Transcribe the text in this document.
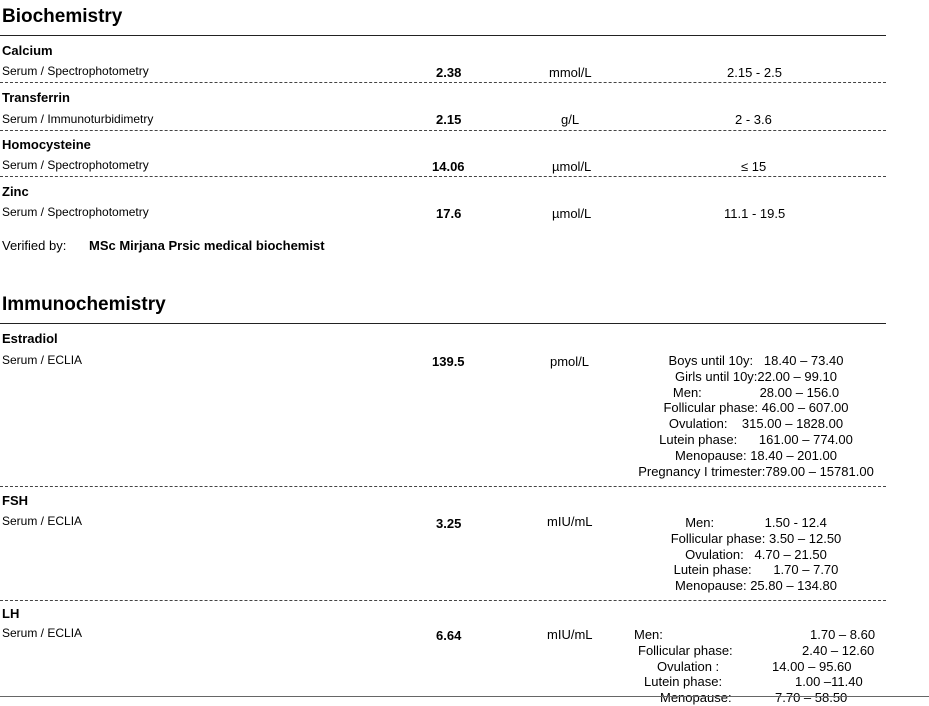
Biochemistry
Calcium
Serum / Spectrophotometry	2.38	mmol/L	2.15 - 2.5
Transferrin
Serum / Immunoturbidimetry	2.15	g/L	2 - 3.6
Homocysteine
Serum / Spectrophotometry	14.06	µmol/L	≤ 15
Zinc
Serum / Spectrophotometry	17.6	µmol/L	11.1 - 19.5
Verified by: MSc Mirjana Prsic medical biochemist
Immunochemistry
Estradiol
Serum / ECLIA	139.5	pmol/L	Boys until 10y:   18.40 – 73.40
Girls until 10y:22.00 – 99.10
Men:                28.00 – 156.0
Follicular phase: 46.00 – 607.00
Ovulation:    315.00 – 1828.00
Lutein phase:      161.00 – 774.00
Menopause: 18.40 – 201.00
Pregnancy I trimester:789.00 – 15781.00
FSH
Serum / ECLIA	3.25	mIU/mL	Men:              1.50 - 12.4
Follicular phase: 3.50 – 12.50
Ovulation:   4.70 – 21.50
Lutein phase:      1.70 – 7.70
Menopause: 25.80 – 134.80
LH
Serum / ECLIA	6.64	mIU/mL	Men:	1.70 – 8.60
Follicular phase:	2.40 – 12.60
Ovulation :	14.00 – 95.60
Lutein phase:	1.00 –11.40
Menopause:	7.70 – 58.50
